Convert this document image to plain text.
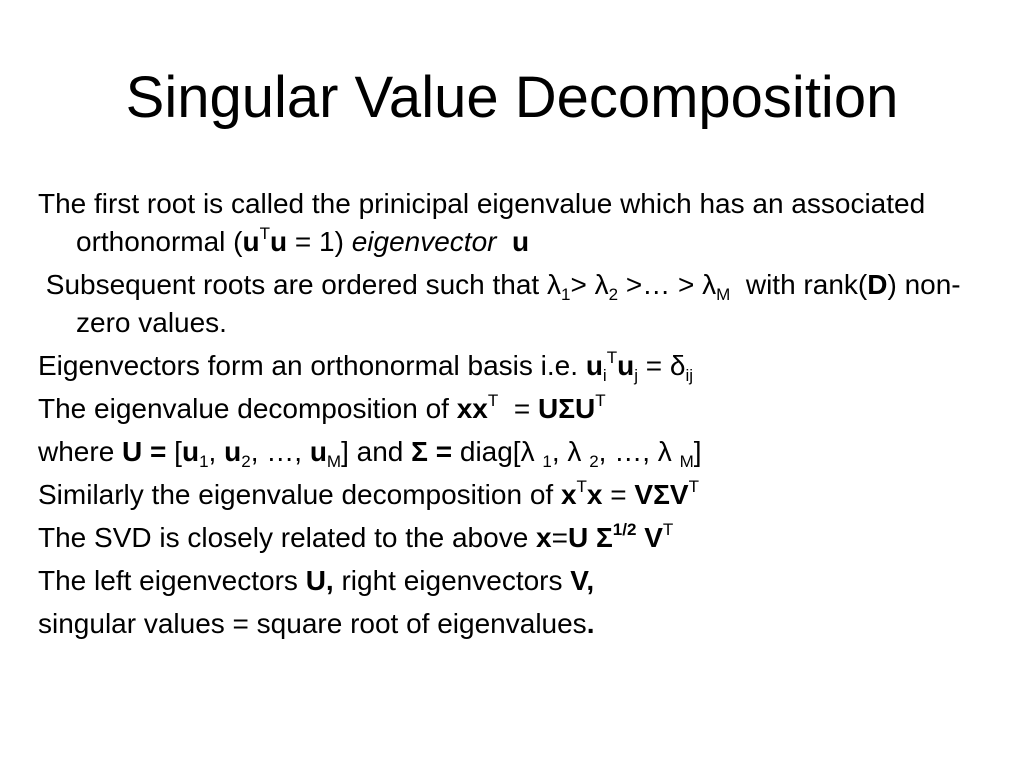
Singular Value Decomposition

The first root is called the prinicipal eigenvalue which has an associated orthonormal $(u^Tu = 1)$ eigenvector u

Subsequent roots are ordered such that $\lambda_1> \lambda_2$ >… > $\lambda_M$  with rank(D) non-zero values.

Eigenvectors form an orthonormal basis i.e. $u_i^Tu_j = \delta_{ij}$

The eigenvalue decomposition of $xx^T = U\Sigma U^T$

where $U = [u_1$, $u_2$, …, $u_M$] and Σ = diag[λ $_1$, λ $_2$, …, λ $_M$]

Similarly the eigenvalue decomposition of $x^Tx = V\Sigma V^T$

The SVD is closely related to the above x=U $\Sigma^{1/2}$ $V^T$

The left eigenvectors U, right eigenvectors V,

singular values = square root of eigenvalues.
